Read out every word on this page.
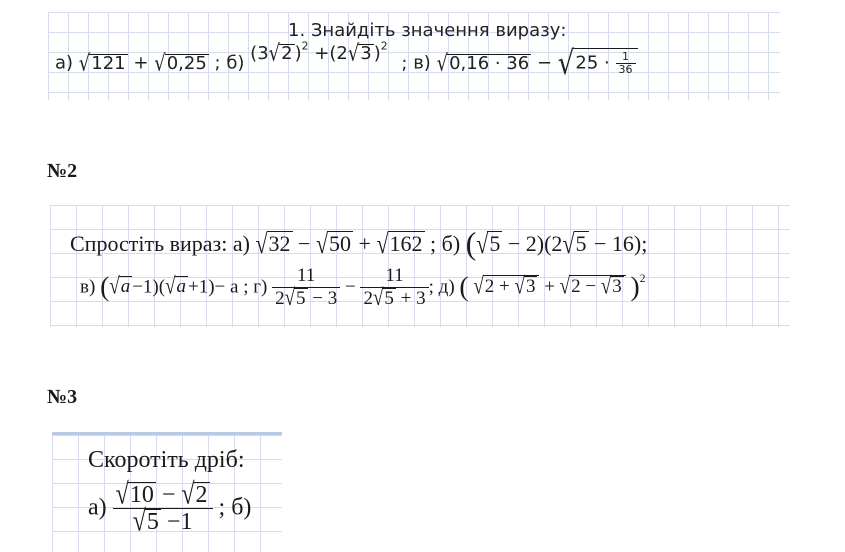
1. Знайдіть значення виразу:
а) √121 + √0,25 ; б) (3√2 )$^2$ +(2√3 )$^2$ ; в) $√0,16 \cdot 36 - √25 \cdot \frac{1}{36}$
№2
Спростіть вираз: а) √32 − √50 + √162 ; б) (√5 − 2)(2√5 − 16);
в) (√a −1)(√a +1)− a ; $г) \frac{11}{2√5 - 3} - \frac{11}{2√5 + 3}$ ; д) ( √2 + √3 + √2 − √3 )$^2$
№3
Скоротіть дріб:
$а) \frac{√10 - √2}{√5 -1}$ ; б)
